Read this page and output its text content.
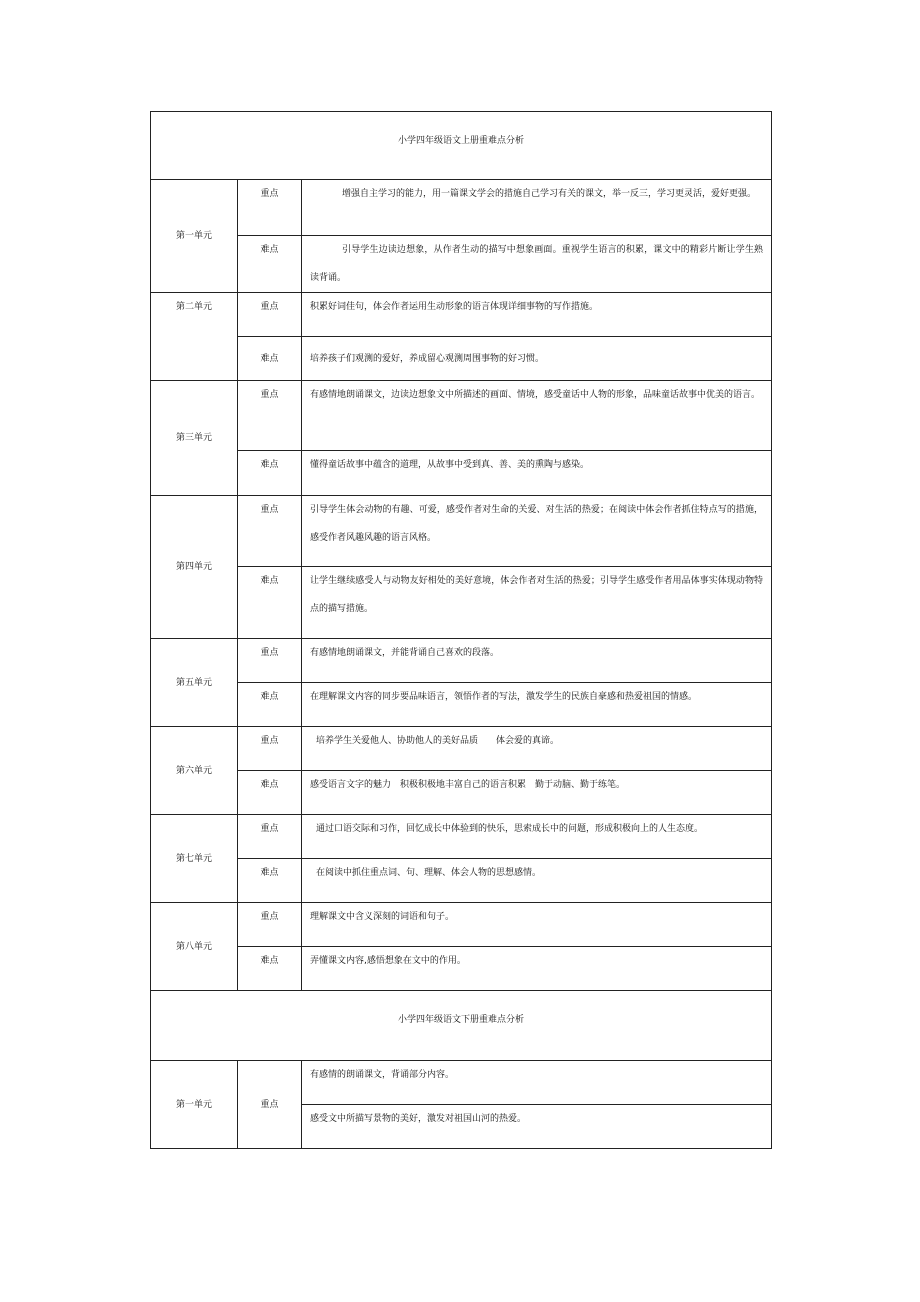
小学四年级语文上册重难点分析		
第一单元	重点	增强自主学习的能力，用一篇课文学会的措施自己学习有关的课文，举一反三，学习更灵活，爱好更强。
	难点	引导学生边读边想象，从作者生动的描写中想象画面。重视学生语言的积累，课文中的精彩片断让学生熟读背诵。
第二单元	重点	积累好词佳句，体会作者运用生动形象的语言体现详细事物的写作措施。
	难点	培养孩子们观测的爱好，养成留心观测周围事物的好习惯。
第三单元	重点	有感情地朗诵课文，边读边想象文中所描述的画面、情境，感受童话中人物的形象，品味童话故事中优美的语言。
	难点	懂得童话故事中蕴含的道理，从故事中受到真、善、美的熏陶与感染。
第四单元	重点	引导学生体会动物的有趣、可爱，感受作者对生命的关爱、对生活的热爱；在阅读中体会作者抓住特点写的措施，感受作者风趣风趣的语言风格。
	难点	让学生继续感受人与动物友好相处的美好意境，体会作者对生活的热爱；引导学生感受作者用品体事实体现动物特点的描写措施。
第五单元	重点	有感情地朗诵课文，并能背诵自己喜欢的段落。
	难点	在理解课文内容的同步要品味语言，领悟作者的写法，激发学生的民族自豪感和热爱祖国的情感。
第六单元	重点	培养学生关爱他人、协助他人的美好品质　　体会爱的真谛。
	难点	感受语言文字的魅力　积极积极地丰富自己的语言积累　勤于动脑、勤于练笔。
第七单元	重点	通过口语交际和习作，回忆成长中体验到的快乐，思索成长中的问题，形成积极向上的人生态度。
	难点	在阅读中抓住重点词、句、理解、体会人物的思想感情。
第八单元	重点	理解课文中含义深刻的词语和句子。
	难点	弄懂课文内容,感悟想象在文中的作用。
小学四年级语文下册重难点分析		
第一单元	重点	有感情的朗诵课文，背诵部分内容。
		感受文中所描写景物的美好，激发对祖国山河的热爱。
